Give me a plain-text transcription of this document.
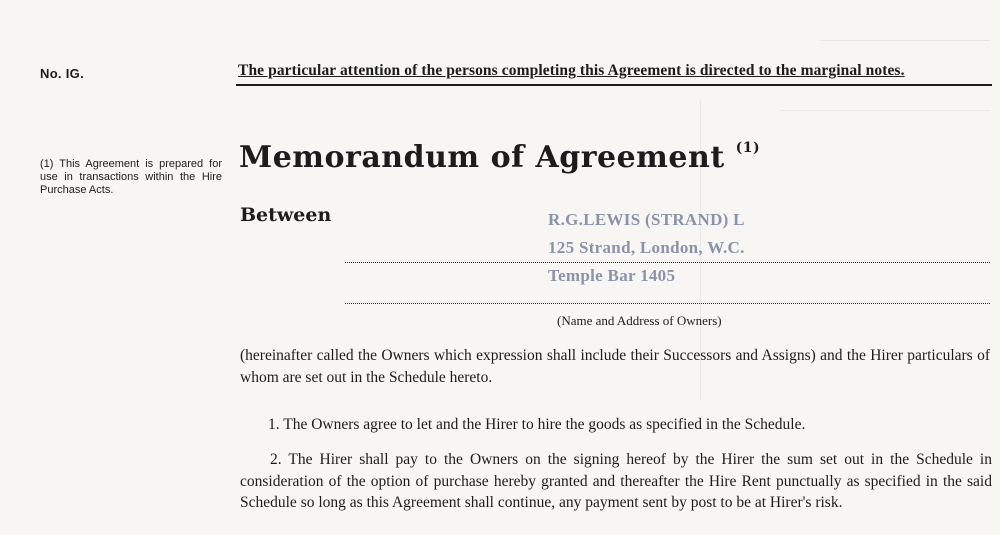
No. IG.	The particular attention of the persons completing this Agreement is directed to the marginal notes.
(1) This Agreement is prepared for use in transactions within the Hire Purchase Acts.
Memorandum of Agreement $^{(1)}$
Between	R.G.LEWIS (STRAND) L
125 Strand, London, W.C.
Temple Bar 1405
(Name and Address of Owners)
(hereinafter called the Owners which expression shall include their Successors and Assigns) and the Hirer particulars of whom are set out in the Schedule hereto.
1. The Owners agree to let and the Hirer to hire the goods as specified in the Schedule.
2. The Hirer shall pay to the Owners on the signing hereof by the Hirer the sum set out in the Schedule in consideration of the option of purchase hereby granted and thereafter the Hire Rent punctually as specified in the said Schedule so long as this Agreement shall continue, any payment sent by post to be at Hirer's risk.
